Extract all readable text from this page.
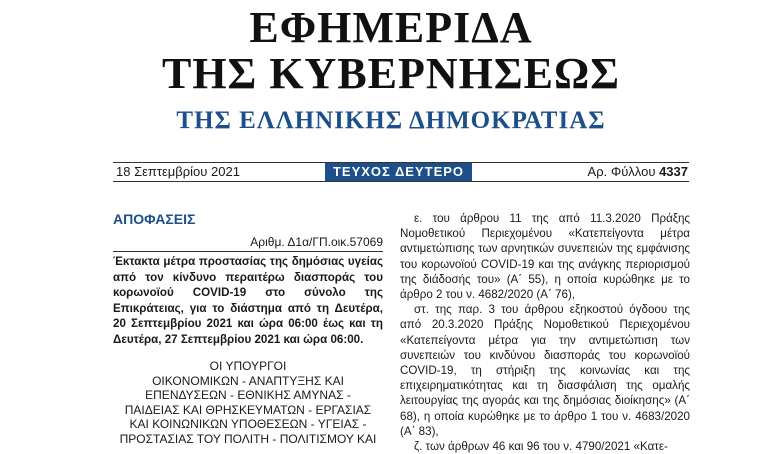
ΕΦΗΜΕΡΙΔΑ
ΤΗΣ ΚΥΒΕΡΝΗΣΕΩΣ
ΤΗΣ ΕΛΛΗΝΙΚΗΣ ΔΗΜΟΚΡΑΤΙΑΣ
18 Σεπτεμβρίου 2021	ΤΕΥΧΟΣ ΔΕΥΤΕΡΟ	Αρ. Φύλλου 4337
ΑΠΟΦΑΣΕΙΣ
Αριθμ. Δ1α/ΓΠ.οικ.57069
Έκτακτα μέτρα προστασίας της δημόσιας υγείας από τον κίνδυνο περαιτέρω διασποράς του κορωνοϊού COVID-19 στο σύνολο της Επικράτειας, για το διάστημα από τη Δευτέρα, 20 Σεπτεμβρίου 2021 και ώρα 06:00 έως και τη Δευτέρα, 27 Σεπτεμβρίου 2021 και ώρα 06:00.
ΟΙ ΥΠΟΥΡΓΟΙ
ΟΙΚΟΝΟΜΙΚΩΝ - ΑΝΑΠΤΥΞΗΣ ΚΑΙ
ΕΠΕΝΔΥΣΕΩΝ - ΕΘΝΙΚΗΣ ΑΜΥΝΑΣ -
ΠΑΙΔΕΙΑΣ ΚΑΙ ΘΡΗΣΚΕΥΜΑΤΩΝ - ΕΡΓΑΣΙΑΣ
ΚΑΙ ΚΟΙΝΩΝΙΚΩΝ ΥΠΟΘΕΣΕΩΝ - ΥΓΕΙΑΣ -
ΠΡΟΣΤΑΣΙΑΣ ΤΟΥ ΠΟΛΙΤΗ - ΠΟΛΙΤΙΣΜΟΥ ΚΑΙ

ε. του άρθρου 11 της από 11.3.2020 Πράξης Νομοθετικού Περιεχομένου «Κατεπείγοντα μέτρα αντιμετώπισης των αρνητικών συνεπειών της εμφάνισης του κορωνοϊού COVID-19 και της ανάγκης περιορισμού της διάδοσής του» (Α΄ 55), η οποία κυρώθηκε με το άρθρο 2 του ν. 4682/2020 (Α΄ 76),

στ. της παρ. 3 του άρθρου εξηκοστού όγδοου της από 20.3.2020 Πράξης Νομοθετικού Περιεχομένου «Κατεπείγοντα μέτρα για την αντιμετώπιση των συνεπειών του κινδύνου διασποράς του κορωνοϊού COVID-19, τη στήριξη της κοινωνίας και της επιχειρηματικότητας και τη διασφάλιση της ομαλής λειτουργίας της αγοράς και της δημόσιας διοίκησης» (Α΄ 68), η οποία κυρώθηκε με το άρθρο 1 του ν. 4683/2020 (Α΄ 83),

ζ. των άρθρων 46 και 96 του ν. 4790/2021 «Κατε-
